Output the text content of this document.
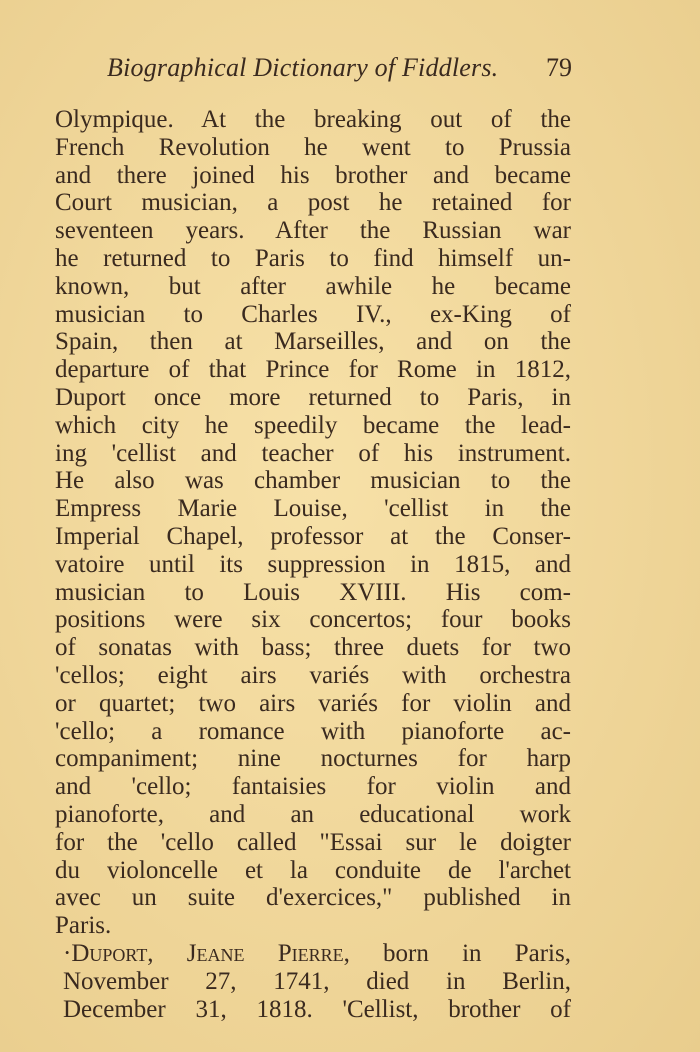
Biographical Dictionary of Fiddlers. 79
Olympique. At the breaking out of the
French Revolution he went to Prussia
and there joined his brother and became
Court musician, a post he retained for
seventeen years. After the Russian war
he returned to Paris to find himself un-
known, but after awhile he became
musician to Charles IV., ex-King of
Spain, then at Marseilles, and on the
departure of that Prince for Rome in 1812,
Duport once more returned to Paris, in
which city he speedily became the lead-
ing 'cellist and teacher of his instrument.
He also was chamber musician to the
Empress Marie Louise, 'cellist in the
Imperial Chapel, professor at the Conser-
vatoire until its suppression in 1815, and
musician to Louis XVIII. His com-
positions were six concertos; four books
of sonatas with bass; three duets for two
'cellos; eight airs variés with orchestra
or quartet; two airs variés for violin and
'cello; a romance with pianoforte ac-
companiment; nine nocturnes for harp
and 'cello; fantaisies for violin and
pianoforte, and an educational work
for the 'cello called "Essai sur le doigter
du violoncelle et la conduite de l'archet
avec un suite d'exercices," published in
Paris.
·Duport, Jeane Pierre, born in Paris,
November 27, 1741, died in Berlin,
December 31, 1818. 'Cellist, brother of
